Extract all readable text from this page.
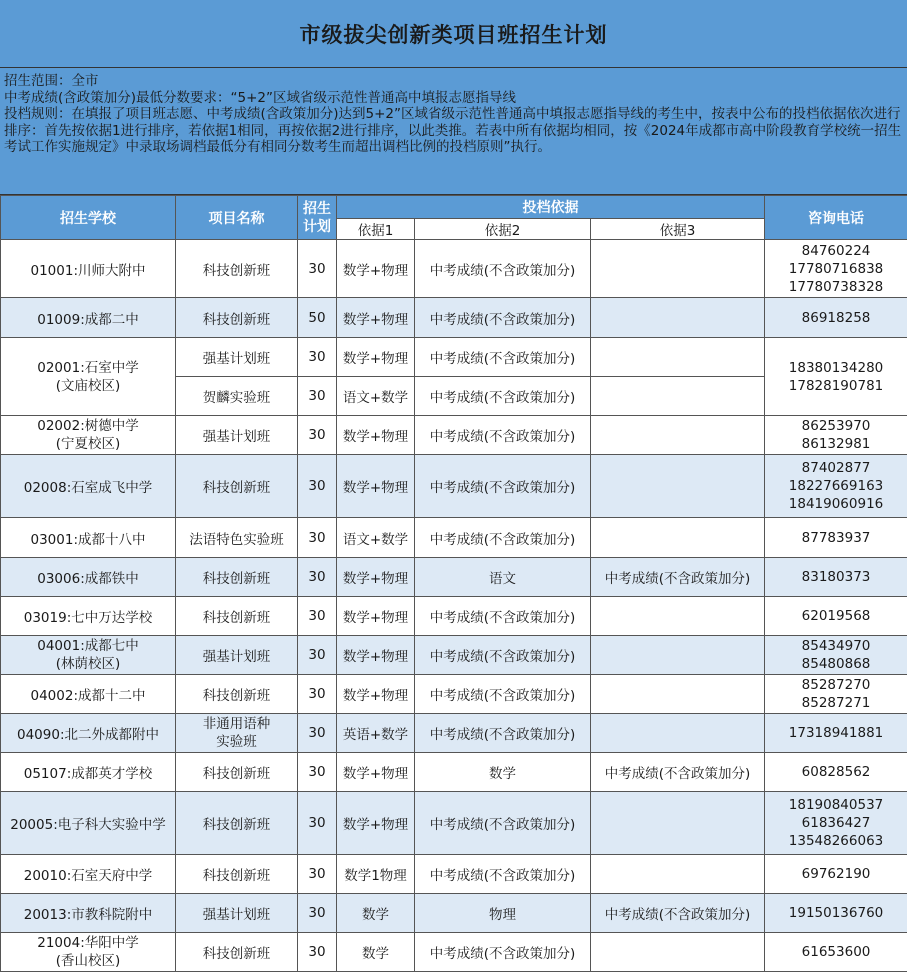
市级拔尖创新类项目班招生计划
招生范围：全市
中考成绩(含政策加分)最低分数要求：“5+2”区域省级示范性普通高中填报志愿指导线
投档规则：在填报了项目班志愿、中考成绩(含政策加分)达到5+2”区域省级示范性普通高中填报志愿指导线的考生中，按表中公布的投档依据依次进行排序：首先按依据1进行排序，若依据1相同，再按依据2进行排序，以此类推。若表中所有依据均相同，按《2024年成都市高中阶段教育学校统一招生考试工作实施规定》中录取场调档最低分有相同分数考生而超出调档比例的投档原则”执行。
招生学校	项目名称	招生计划	投档依据			咨询电话
			依据1	依据2	依据3	
01001:川师大附中	科技创新班	30	数学+物理	中考成绩(不含政策加分)		84760224
17780716838
17780738328
01009:成都二中	科技创新班	50	数学+物理	中考成绩(不含政策加分)		86918258
02001:石室中学
(文庙校区)	强基计划班	30	数学+物理	中考成绩(不含政策加分)		18380134280
17828190781
	贺麟实验班	30	语文+数学	中考成绩(不含政策加分)		
02002:树德中学
(宁夏校区)	强基计划班	30	数学+物理	中考成绩(不含政策加分)		86253970
86132981
02008:石室成飞中学	科技创新班	30	数学+物理	中考成绩(不含政策加分)		87402877
18227669163
18419060916
03001:成都十八中	法语特色实验班	30	语文+数学	中考成绩(不含政策加分)		87783937
03006:成都铁中	科技创新班	30	数学+物理	语文	中考成绩(不含政策加分)	83180373
03019:七中万达学校	科技创新班	30	数学+物理	中考成绩(不含政策加分)		62019568
04001:成都七中
(林荫校区)	强基计划班	30	数学+物理	中考成绩(不含政策加分)		85434970
85480868
04002:成都十二中	科技创新班	30	数学+物理	中考成绩(不含政策加分)		85287270
85287271
04090:北二外成都附中	非通用语种
实验班	30	英语+数学	中考成绩(不含政策加分)		17318941881
05107:成都英才学校	科技创新班	30	数学+物理	数学	中考成绩(不含政策加分)	60828562
20005:电子科大实验中学	科技创新班	30	数学+物理	中考成绩(不含政策加分)		18190840537
61836427
13548266063
20010:石室天府中学	科技创新班	30	数学1物理	中考成绩(不含政策加分)		69762190
20013:市教科院附中	强基计划班	30	数学	物理	中考成绩(不含政策加分)	19150136760
21004:华阳中学
(香山校区)	科技创新班	30	数学	中考成绩(不含政策加分)		61653600
